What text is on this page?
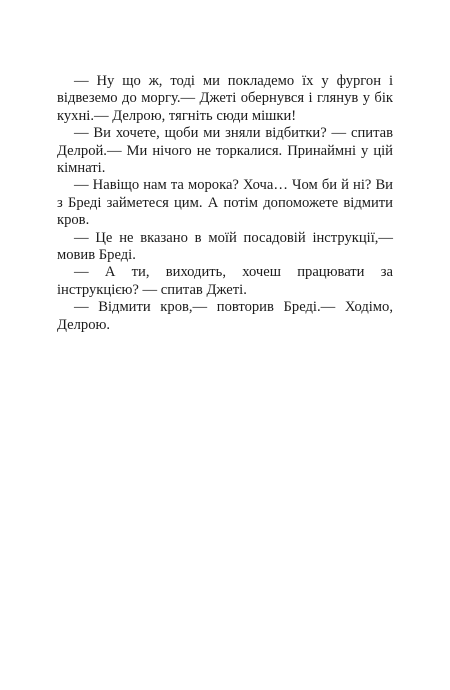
— Ну що ж, тоді ми покладемо їх у фургон і відвеземо до моргу.— Джеті обернувся і глянув у бік кухні.— Делрою, тягніть сюди мішки!

— Ви хочете, щоби ми зняли відбитки? — спитав Делрой.— Ми нічого не торкалися. Принаймні у цій кімнаті.

— Навіщо нам та морока? Хоча… Чом би й ні? Ви з Бреді займетеся цим. А потім допоможете відмити кров.

— Це не вказано в моїй посадовій інструкції,— мовив Бреді.

— А ти, виходить, хочеш працювати за інструкцією? — спитав Джеті.

— Відмити кров,— повторив Бреді.— Ходімо, Делрою.
